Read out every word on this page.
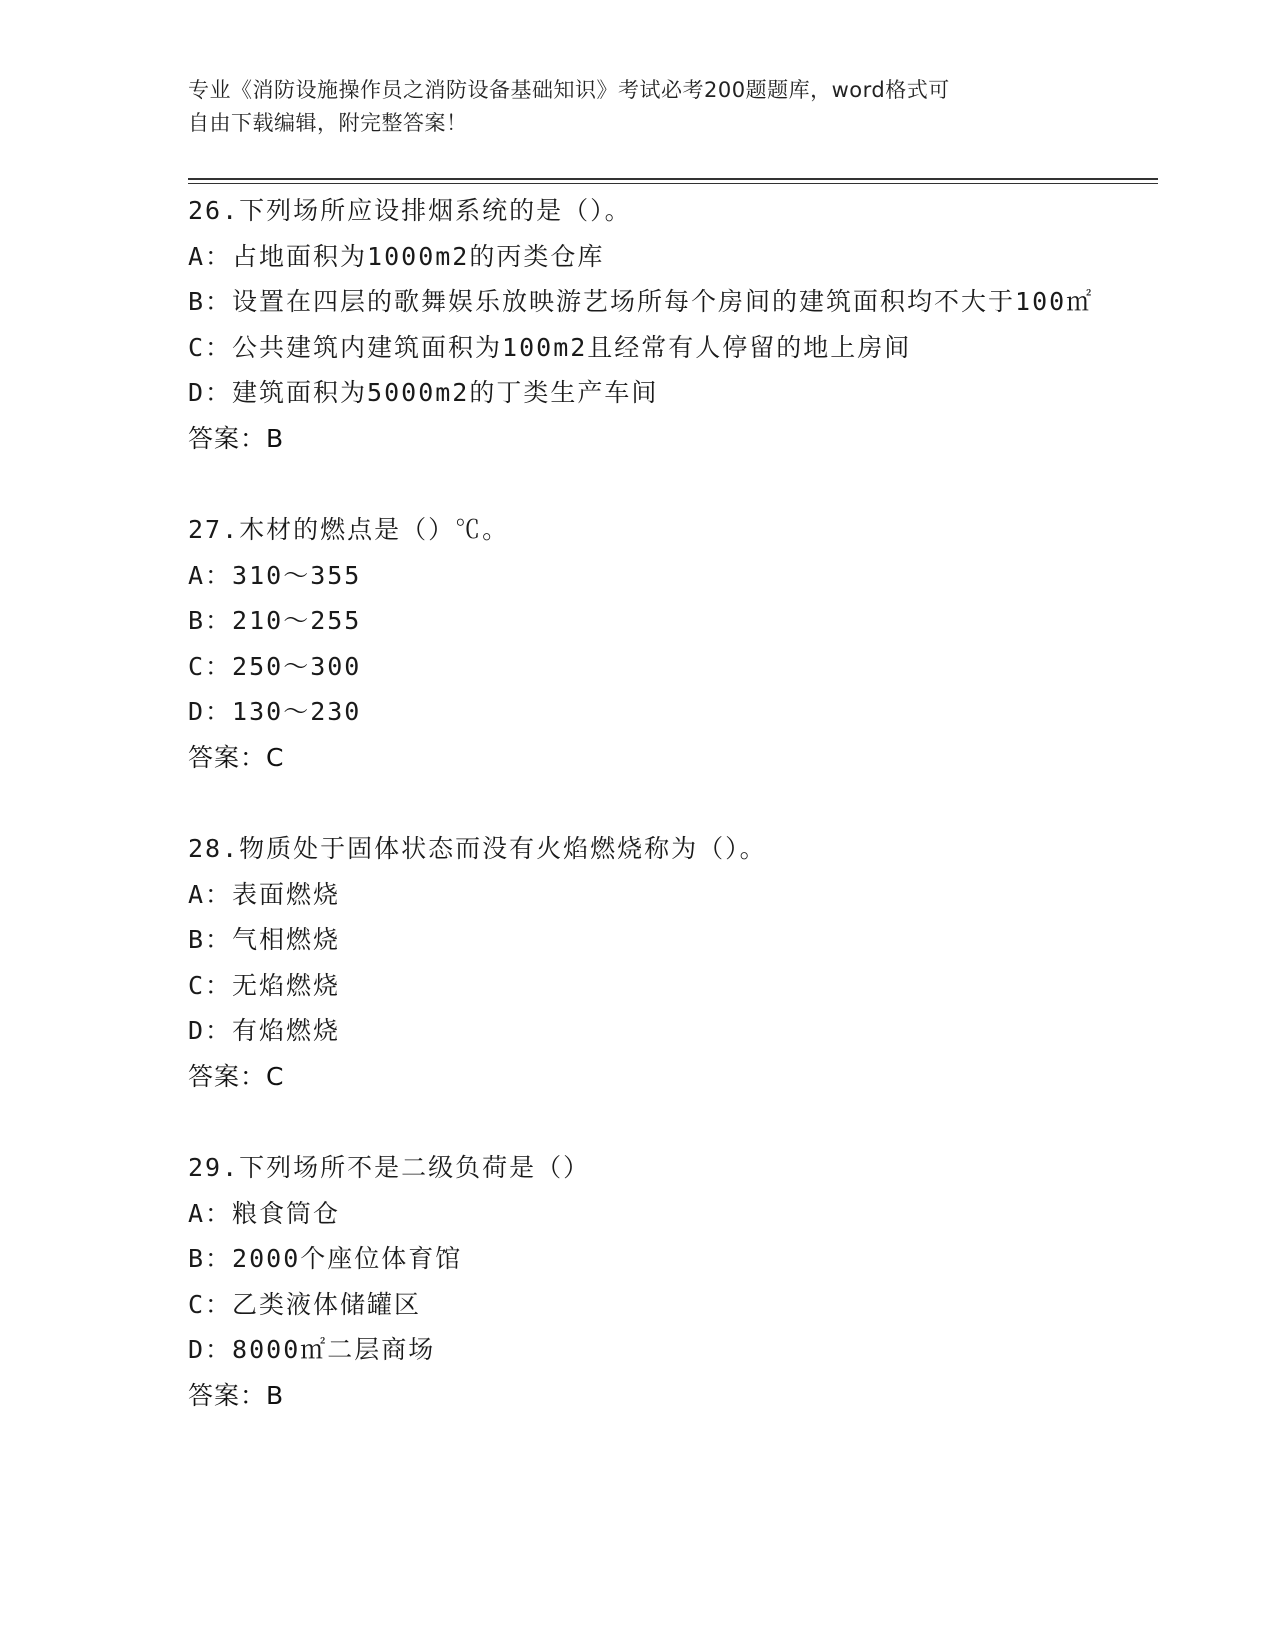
专业《消防设施操作员之消防设备基础知识》考试必考200题题库，word格式可
自由下载编辑，附完整答案！
26.下列场所应设排烟系统的是（）。
A：占地面积为1000m2的丙类仓库
B：设置在四层的歌舞娱乐放映游艺场所每个房间的建筑面积均不大于100㎡
C：公共建筑内建筑面积为100m2且经常有人停留的地上房间
D：建筑面积为5000m2的丁类生产车间
答案：B
27.木材的燃点是（）℃。
A：310～355
B：210～255
C：250～300
D：130～230
答案：C
28.物质处于固体状态而没有火焰燃烧称为（）。
A：表面燃烧
B：气相燃烧
C：无焰燃烧
D：有焰燃烧
答案：C
29.下列场所不是二级负荷是（）
A：粮食筒仓
B：2000个座位体育馆
C：乙类液体储罐区
D：8000㎡二层商场
答案：B
